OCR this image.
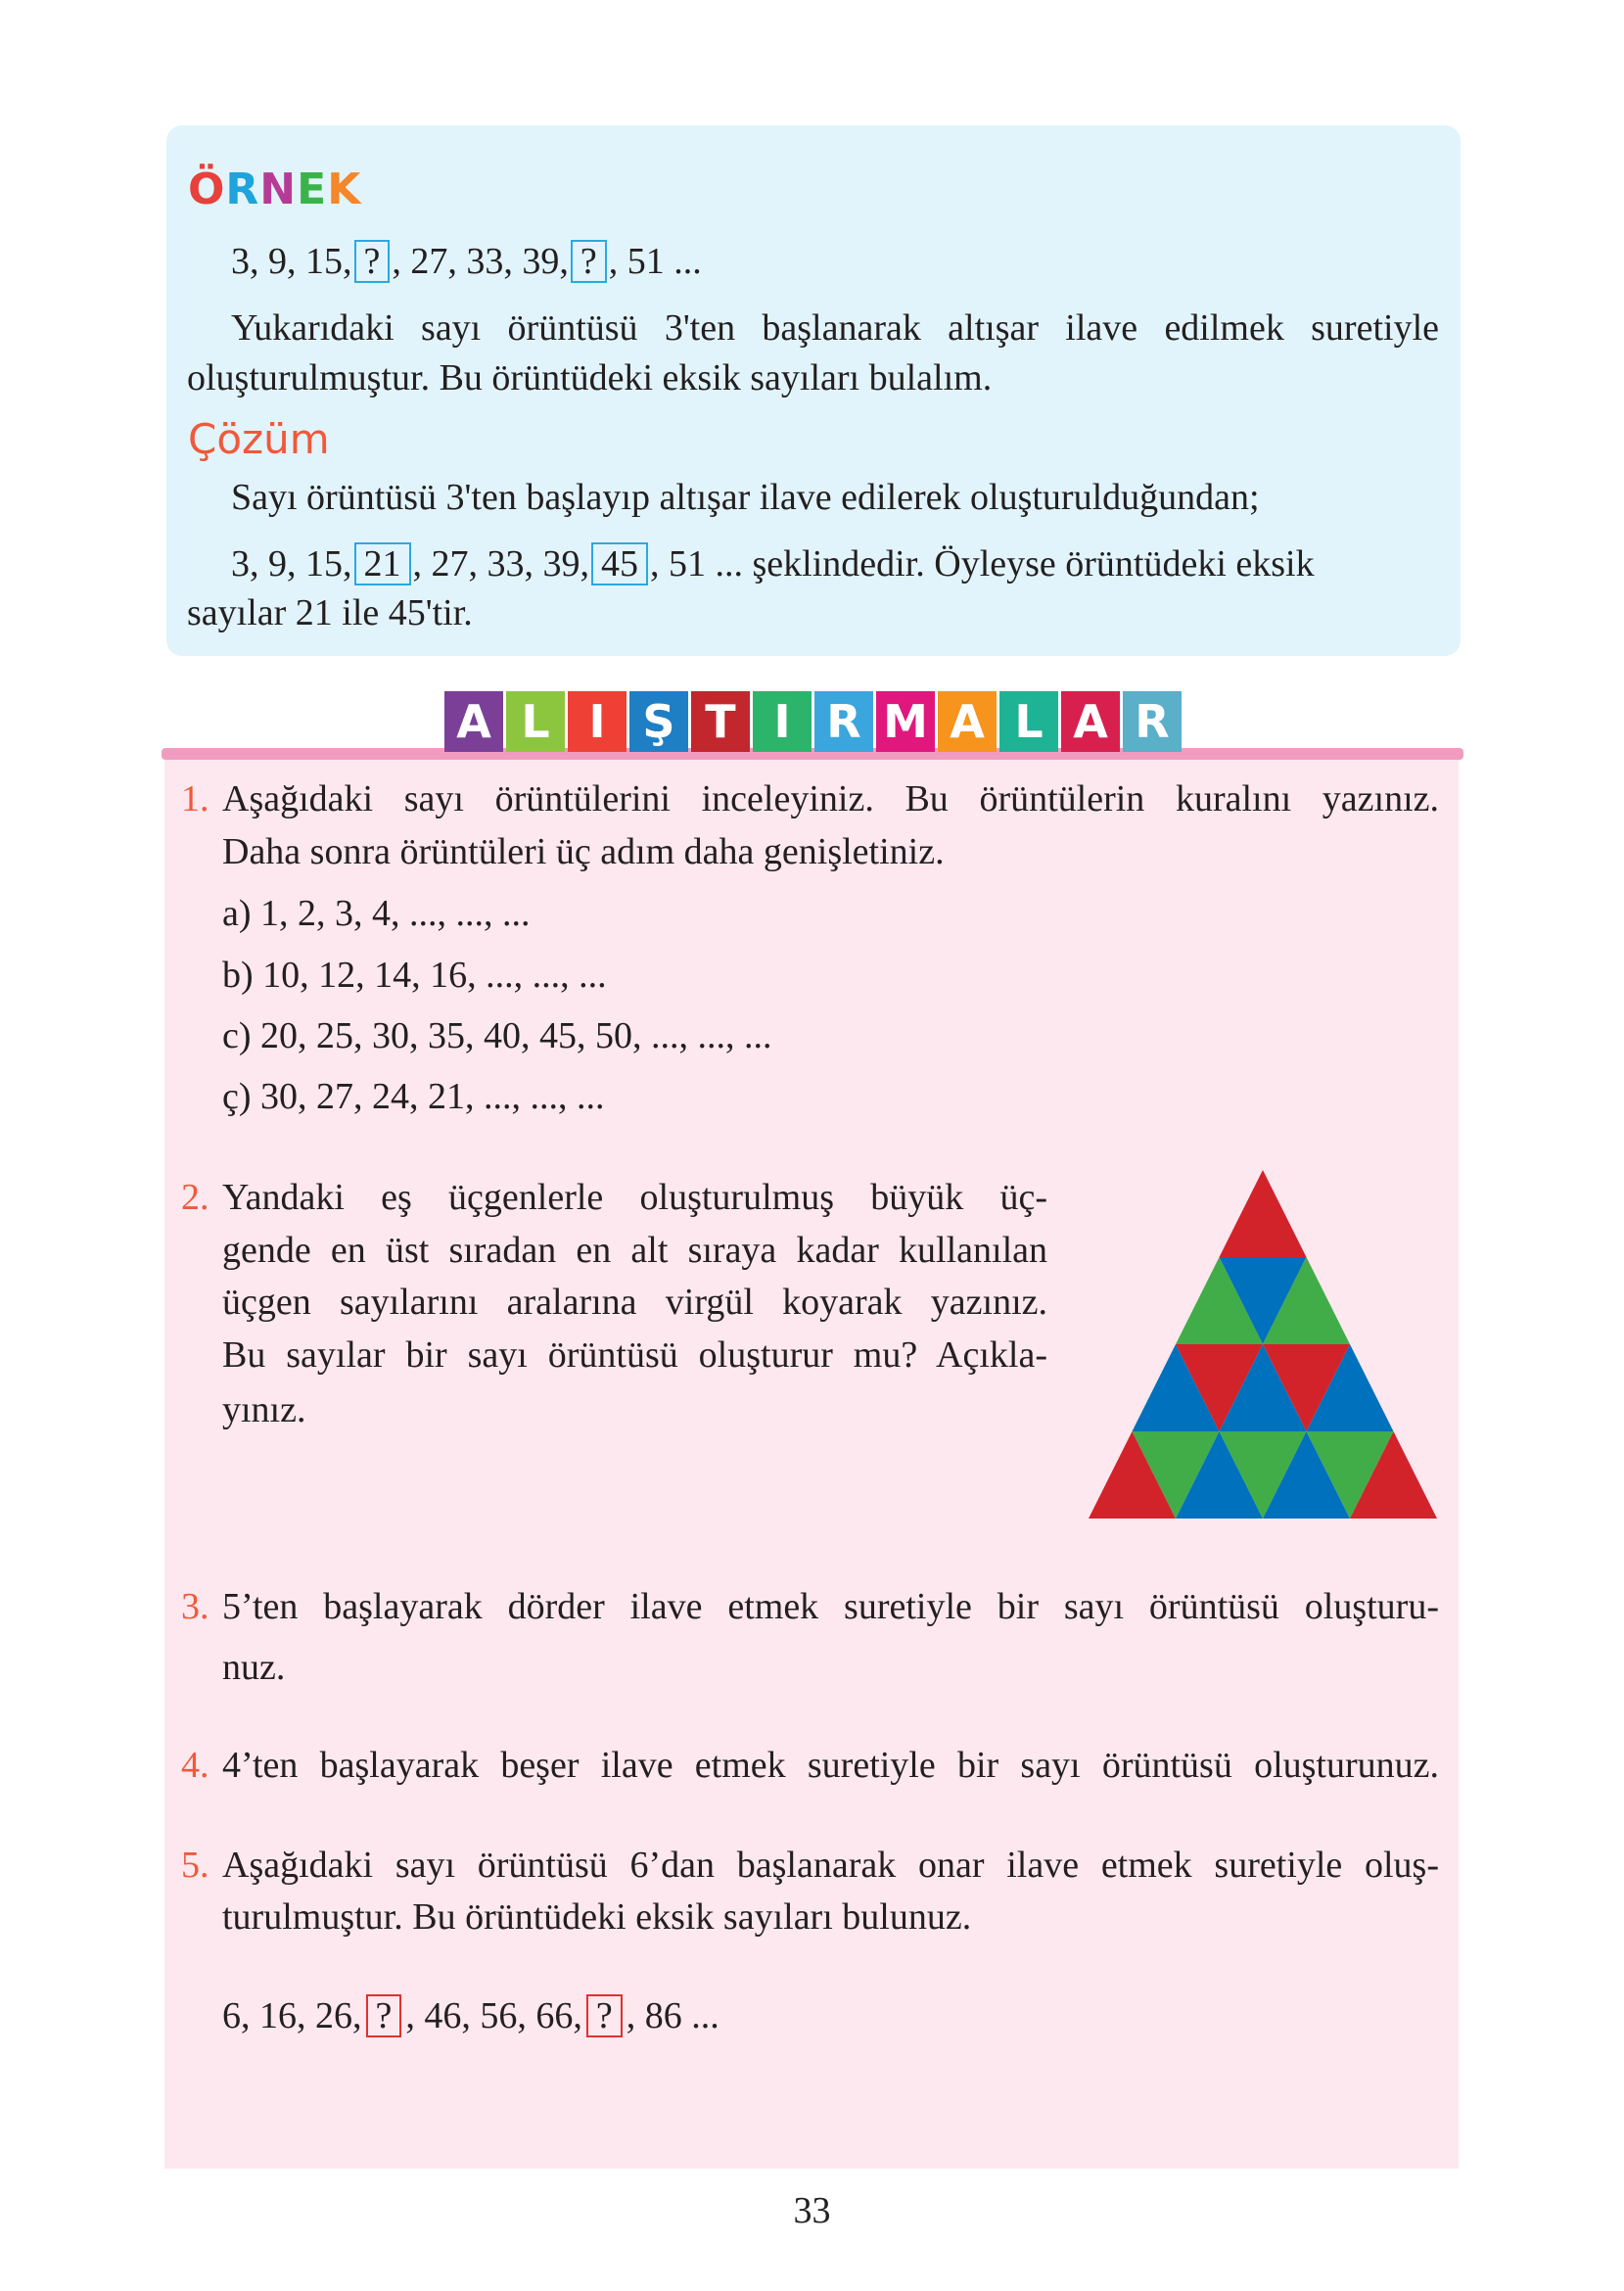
ÖRNEK
3, 9, 15, ? , 27, 33, 39, ? , 51 ...
Yukarıdaki sayı örüntüsü 3'ten başlanarak altışar ilave edilmek suretiyle
oluşturulmuştur. Bu örüntüdeki eksik sayıları bulalım.
Çözüm
Sayı örüntüsü 3'ten başlayıp altışar ilave edilerek oluşturulduğundan;
3, 9, 15, 21 , 27, 33, 39, 45 , 51 ... şeklindedir. Öyleyse örüntüdeki eksik
sayılar 21 ile 45'tir.
A L I Ş T I R M A L A R
1. Aşağıdaki sayı örüntülerini inceleyiniz. Bu örüntülerin kuralını yazınız.
Daha sonra örüntüleri üç adım daha genişletiniz.
a) 1, 2, 3, 4, ..., ..., ...
b) 10, 12, 14, 16, ..., ..., ...
c) 20, 25, 30, 35, 40, 45, 50, ..., ..., ...
ç) 30, 27, 24, 21, ..., ..., ...
2. Yandaki eş üçgenlerle oluşturulmuş büyük üç-
gende en üst sıradan en alt sıraya kadar kullanılan
üçgen sayılarını aralarına virgül koyarak yazınız.
Bu sayılar bir sayı örüntüsü oluşturur mu? Açıkla-
yınız.
3. 5’ten başlayarak dörder ilave etmek suretiyle bir sayı örüntüsü oluşturu-
nuz.
4. 4’ten başlayarak beşer ilave etmek suretiyle bir sayı örüntüsü oluşturunuz.
5. Aşağıdaki sayı örüntüsü 6’dan başlanarak onar ilave etmek suretiyle oluş-
turulmuştur. Bu örüntüdeki eksik sayıları bulunuz.
6, 16, 26, ? , 46, 56, 66, ? , 86 ...
33
